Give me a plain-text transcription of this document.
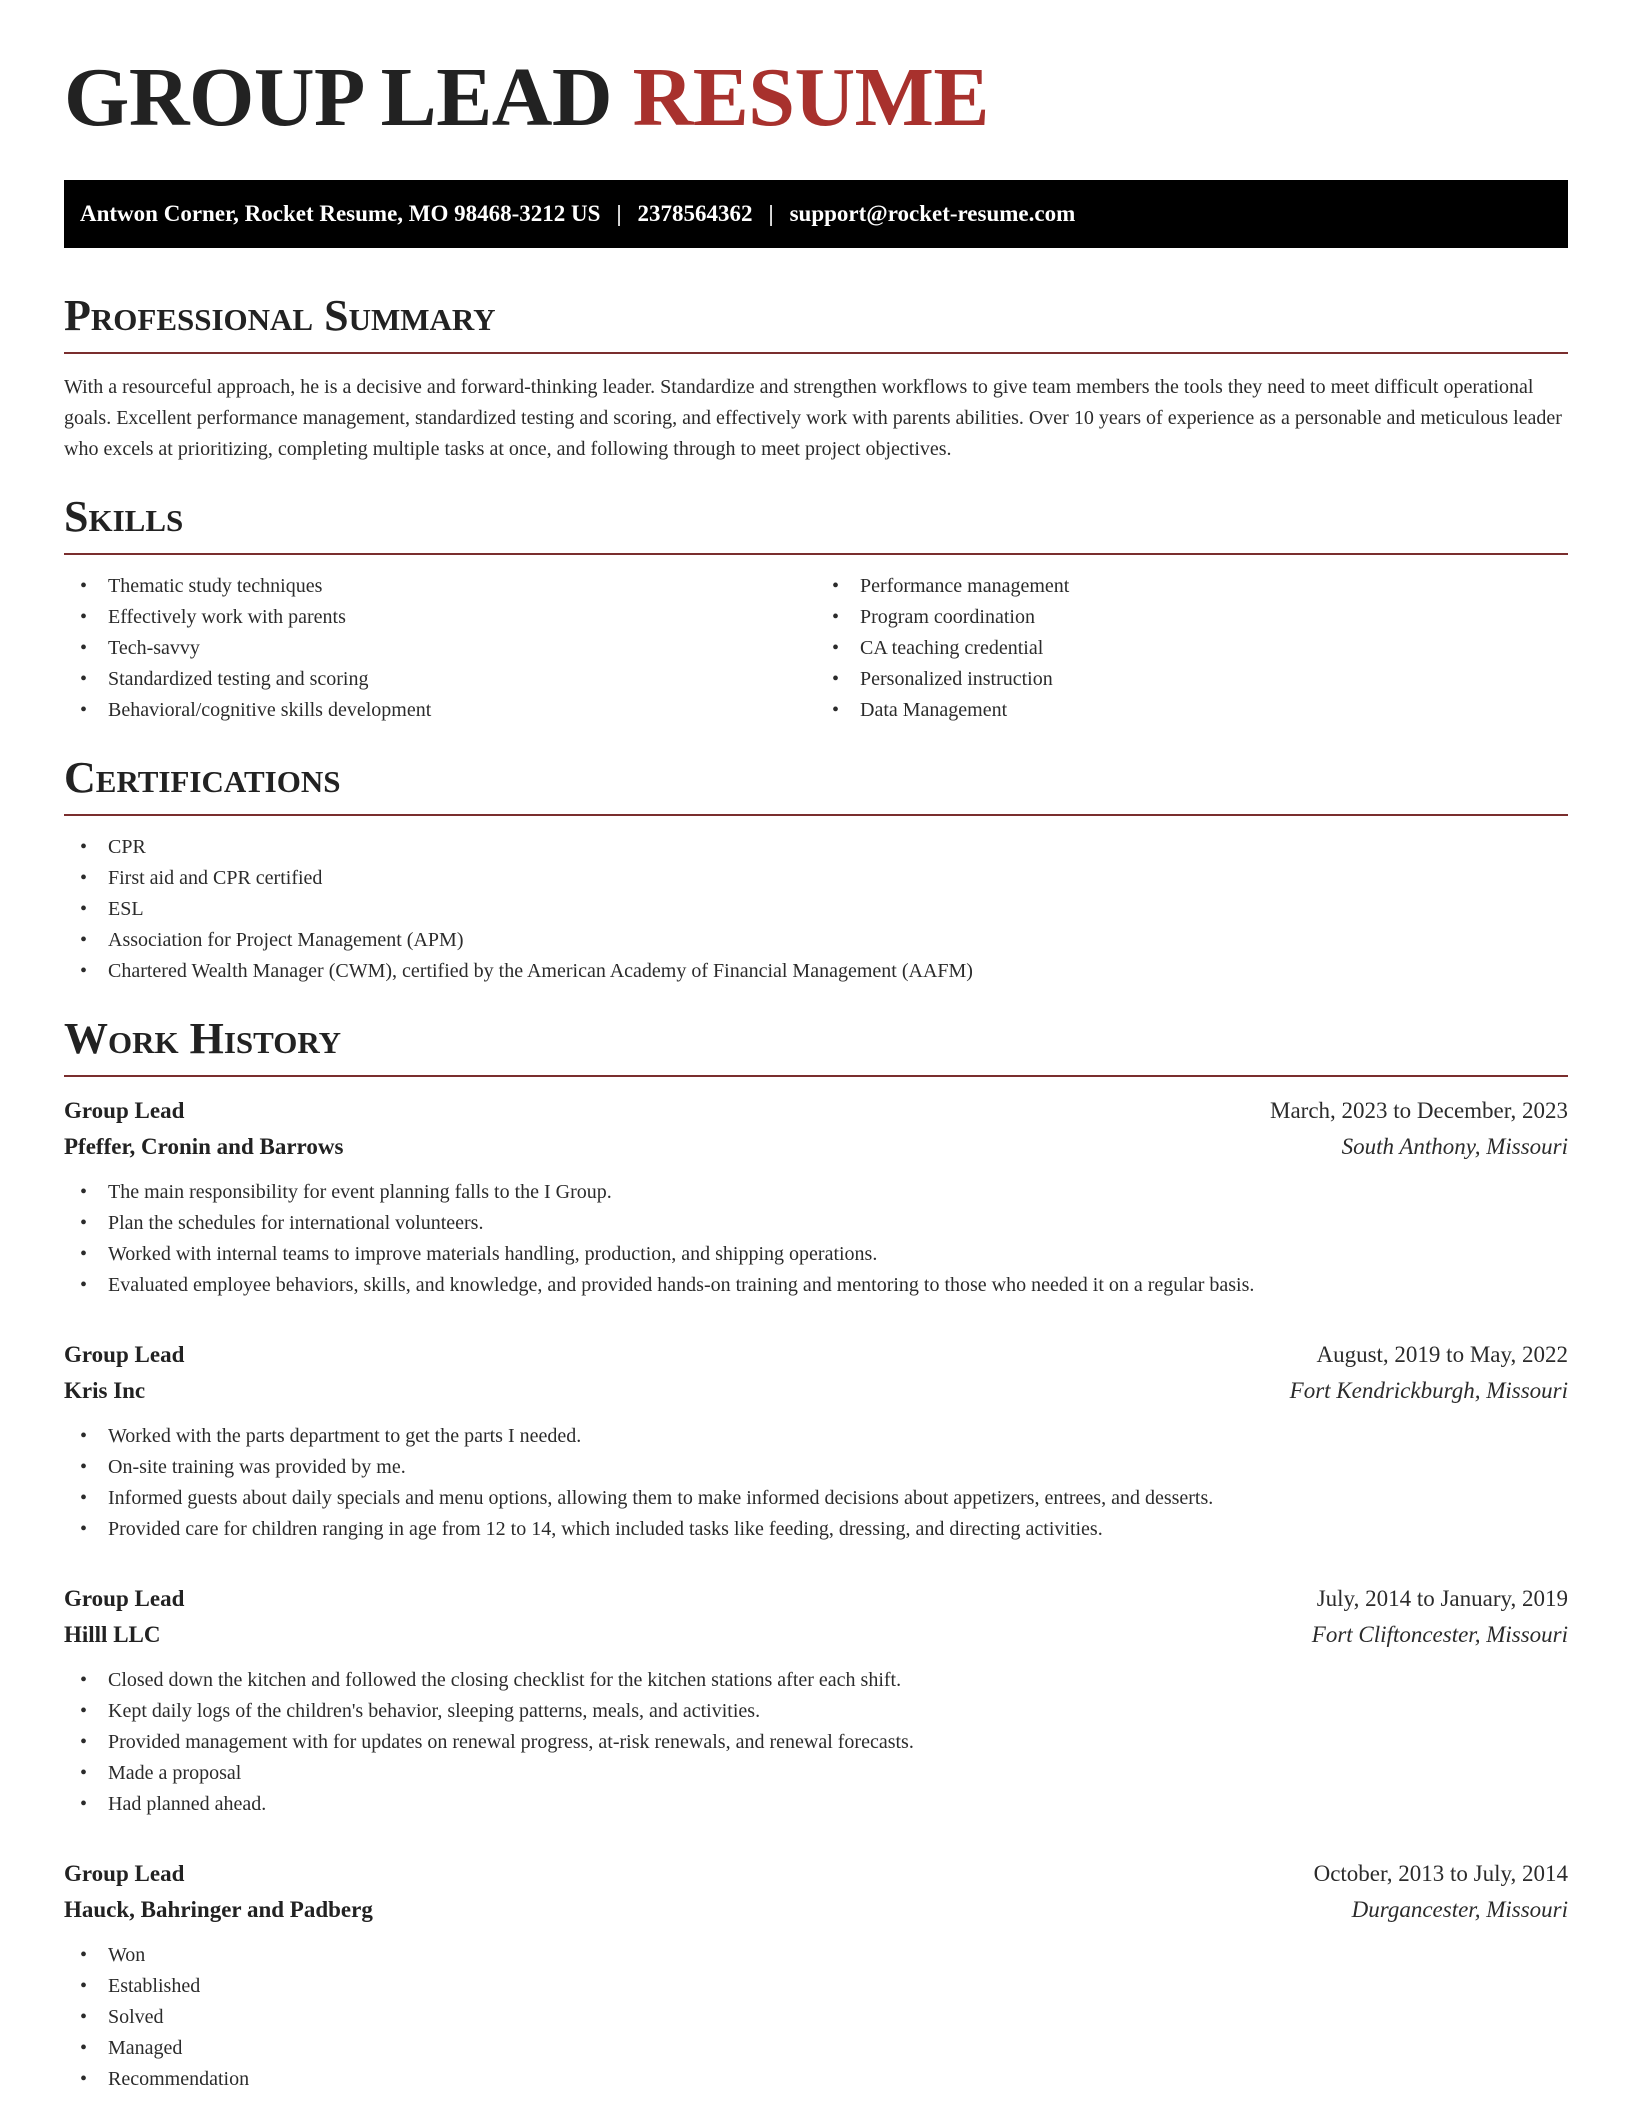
GROUP LEAD RESUME
Antwon Corner, Rocket Resume, MO 98468-3212 US | 2378564362 | support@rocket-resume.com
Professional Summary

With a resourceful approach, he is a decisive and forward-thinking leader. Standardize and strengthen workflows to give team members the tools they need to meet difficult operational goals. Excellent performance management, standardized testing and scoring, and effectively work with parents abilities. Over 10 years of experience as a personable and meticulous leader who excels at prioritizing, completing multiple tasks at once, and following through to meet project objectives.

Skills
• Thematic study techniques
• Effectively work with parents
• Tech-savvy
• Standardized testing and scoring
• Behavioral/cognitive skills development
• Performance management
• Program coordination
• CA teaching credential
• Personalized instruction
• Data Management
Certifications
• CPR
• First aid and CPR certified
• ESL
• Association for Project Management (APM)
• Chartered Wealth Manager (CWM), certified by the American Academy of Financial Management (AAFM)
Work History
Group Lead	March, 2023 to December, 2023
Pfeffer, Cronin and Barrows	South Anthony, Missouri
• The main responsibility for event planning falls to the I Group.
• Plan the schedules for international volunteers.
• Worked with internal teams to improve materials handling, production, and shipping operations.
• Evaluated employee behaviors, skills, and knowledge, and provided hands-on training and mentoring to those who needed it on a regular basis.
Group Lead	August, 2019 to May, 2022
Kris Inc	Fort Kendrickburgh, Missouri
• Worked with the parts department to get the parts I needed.
• On-site training was provided by me.
• Informed guests about daily specials and menu options, allowing them to make informed decisions about appetizers, entrees, and desserts.
• Provided care for children ranging in age from 12 to 14, which included tasks like feeding, dressing, and directing activities.
Group Lead	July, 2014 to January, 2019
Hilll LLC	Fort Cliftoncester, Missouri
• Closed down the kitchen and followed the closing checklist for the kitchen stations after each shift.
• Kept daily logs of the children's behavior, sleeping patterns, meals, and activities.
• Provided management with for updates on renewal progress, at-risk renewals, and renewal forecasts.
• Made a proposal
• Had planned ahead.
Group Lead	October, 2013 to July, 2014
Hauck, Bahringer and Padberg	Durgancester, Missouri
• Won
• Established
• Solved
• Managed
• Recommendation
